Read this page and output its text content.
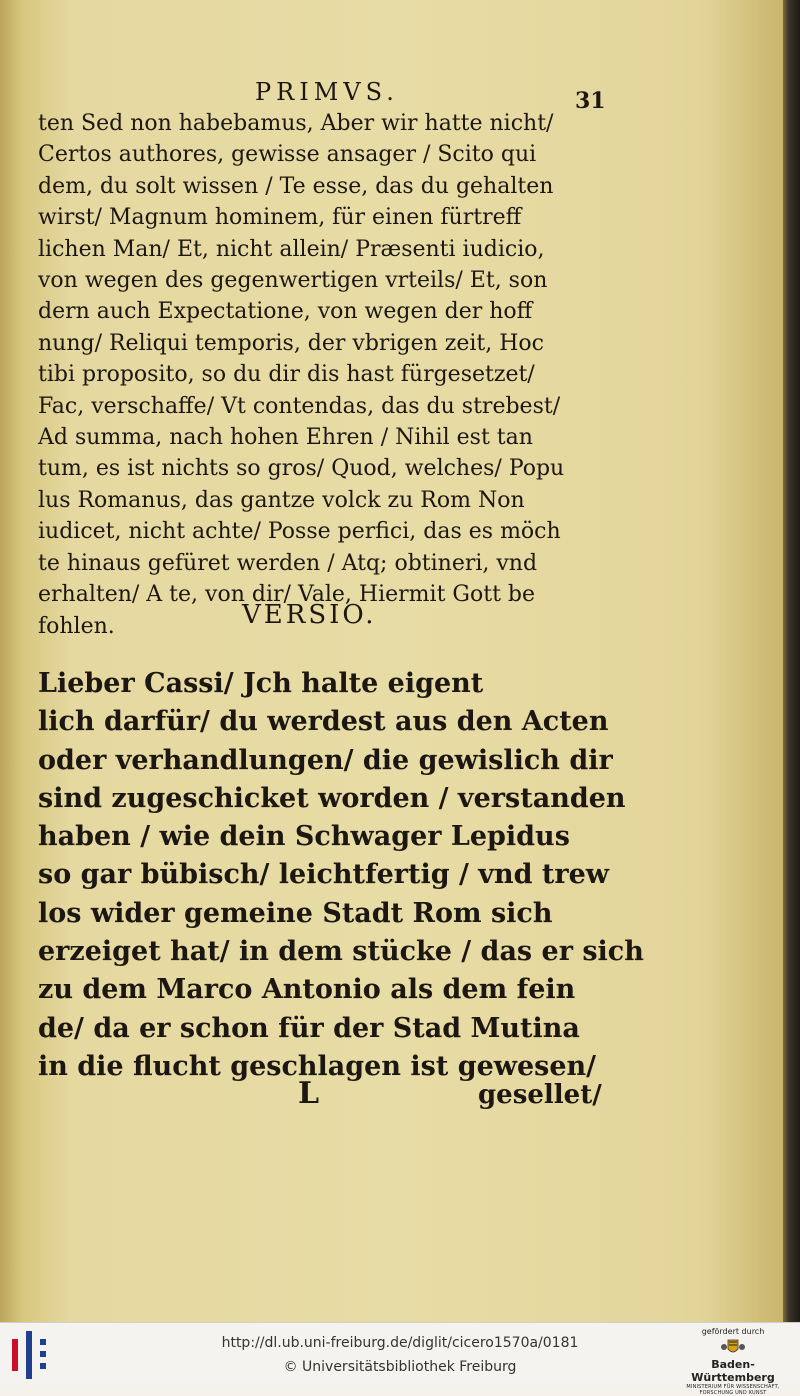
PRIMVS.	31
ten Sed non habebamus, Aber wir hatte nicht/
Certos authores, gewisse ansager / Scito qui
dem, du solt wissen / Te esse, das du gehalten
wirst/ Magnum hominem, für einen fürtreff
lichen Man/ Et, nicht allein/ Præsenti iudicio,
von wegen des gegenwertigen vrteils/ Et, son
dern auch Expectatione, von wegen der hoff
nung/ Reliqui temporis, der vbrigen zeit, Hoc
tibi proposito, so du dir dis hast fürgesetzet/
Fac, verschaffe/ Vt contendas, das du strebest/
Ad summa, nach hohen Ehren / Nihil est tan
tum, es ist nichts so gros/ Quod, welches/ Popu
lus Romanus, das gantze volck zu Rom Non
iudicet, nicht achte/ Posse perfici, das es möch
te hinaus gefüret werden / Atq; obtineri, vnd
erhalten/ A te, von dir/ Vale, Hiermit Gott be
fohlen.	VERSIO.
Lieber Cassi/ Jch halte eigent
lich darfür/ du werdest aus den Acten
oder verhandlungen/ die gewislich dir
sind zugeschicket worden / verstanden
haben / wie dein Schwager Lepidus
so gar bübisch/ leichtfertig / vnd trew
los wider gemeine Stadt Rom sich
erzeiget hat/ in dem stücke / das er sich
zu dem Marco Antonio als dem fein
de/ da er schon für der Stad Mutina
in die flucht geschlagen ist gewesen/
L	gesellet/
http://dl.ub.uni-freiburg.de/diglit/cicero1570a/0181
© Universitätsbibliothek Freiburg
gefördert durch
Baden-Württemberg
MINISTERIUM FÜR WISSENSCHAFT, FORSCHUNG UND KUNST
